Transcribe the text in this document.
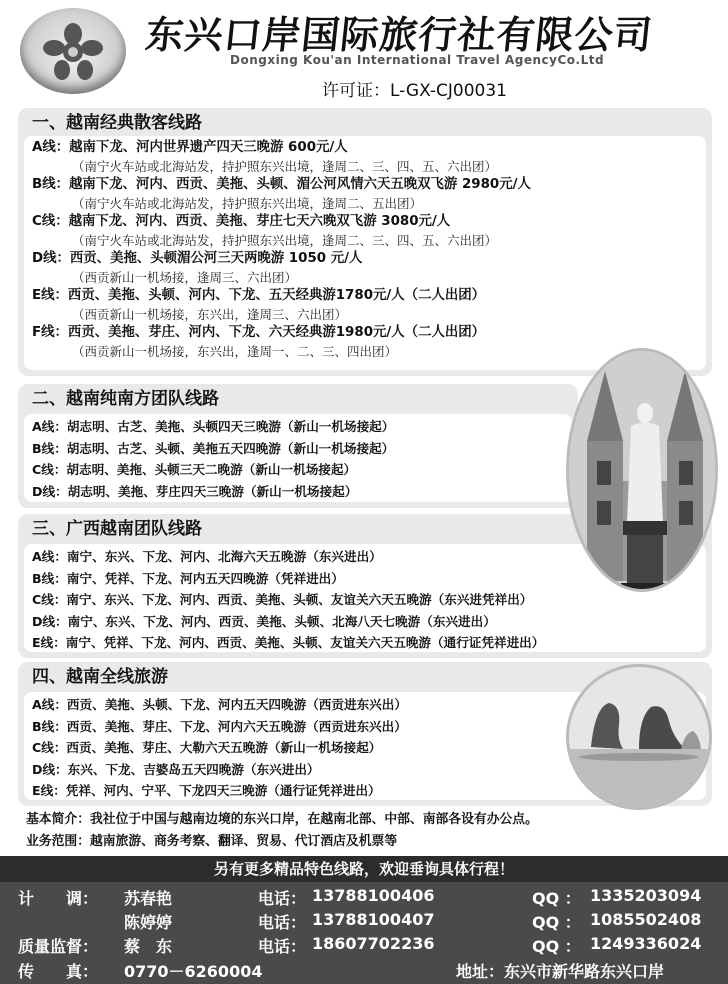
东兴口岸国际旅行社有限公司
Dongxing Kou'an International Travel AgencyCo.Ltd
许可证：L-GX-CJ00031
一、越南经典散客线路
A线：越南下龙、河内世界遗产四天三晚游 600元/人
（南宁火车站或北海站发，持护照东兴出境，逢周二、三、四、五、六出团）
B线：越南下龙、河内、西贡、美拖、头顿、湄公河风情六天五晚双飞游 2980元/人
（南宁火车站或北海站发，持护照东兴出境，逢周二、五出团）
C线：越南下龙、河内、西贡、美拖、芽庄七天六晚双飞游 3080元/人
（南宁火车站或北海站发，持护照东兴出境，逢周二、三、四、五、六出团）
D线：西贡、美拖、头顿湄公河三天两晚游 1050 元/人
（西贡新山一机场接，逢周三、六出团）
E线：西贡、美拖、头顿、河内、下龙、五天经典游1780元/人（二人出团）
（西贡新山一机场接，东兴出，逢周三、六出团）
F线：西贡、美拖、芽庄、河内、下龙、六天经典游1980元/人（二人出团）
（西贡新山一机场接，东兴出，逢周一、二、三、四出团）
二、越南纯南方团队线路
A线：胡志明、古芝、美拖、头顿四天三晚游（新山一机场接起）
B线：胡志明、古芝、头顿、美拖五天四晚游（新山一机场接起）
C线：胡志明、美拖、头顿三天二晚游（新山一机场接起）
D线：胡志明、美拖、芽庄四天三晚游（新山一机场接起）
三、广西越南团队线路
A线：南宁、东兴、下龙、河内、北海六天五晚游（东兴进出）
B线：南宁、凭祥、下龙、河内五天四晚游（凭祥进出）
C线：南宁、东兴、下龙、河内、西贡、美拖、头顿、友谊关六天五晚游（东兴进凭祥出）
D线：南宁、东兴、下龙、河内、西贡、美拖、头顿、北海八天七晚游（东兴进出）
E线：南宁、凭祥、下龙、河内、西贡、美拖、头顿、友谊关六天五晚游（通行证凭祥进出）
四、越南全线旅游
A线：西贡、美拖、头顿、下龙、河内五天四晚游（西贡进东兴出）
B线：西贡、美拖、芽庄、下龙、河内六天五晚游（西贡进东兴出）
C线：西贡、美拖、芽庄、大勒六天五晚游（新山一机场接起）
D线：东兴、下龙、吉婆岛五天四晚游（东兴进出）
E线：凭祥、河内、宁平、下龙四天三晚游（通行证凭祥进出）
基本简介：我社位于中国与越南边境的东兴口岸，在越南北部、中部、南部各设有办公点。
业务范围：越南旅游、商务考察、翻译、贸易、代订酒店及机票等
另有更多精品特色线路，欢迎垂询具体行程！
计　　调： 苏春艳	电话： 13788100406	QQ ： 1335203094
陈婷婷	电话： 13788100407	QQ ： 1085502408
质量监督： 蔡　东	电话： 18607702236	QQ ： 1249336024
传　　真： 0770－6260004	地址：东兴市新华路东兴口岸
